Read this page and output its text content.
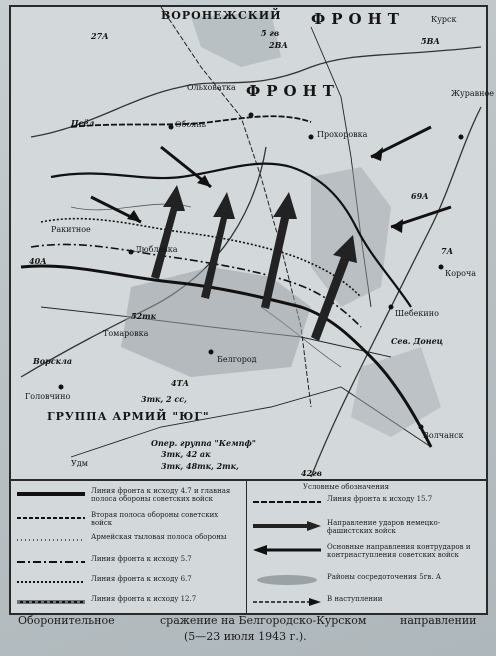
ВОРОНЕЖСКИЙ ФРОНТ
ФРОНТ
ГРУППА АРМИЙ "ЮГ"
4ТА
5 гв
2ВА	5ВА
69А
27А
40А
7А
42гв
3тк, 2 сс,
3тк, 48тк, 2тк,
52тк
Опер. группа "Кемпф"
3тк, 42 ак
Обоянь
Прохоровка
Белгород
Волчанск
Корочa
Шебекино
Томаровка
Ракитное
Люблевка
Курск
Псёл
Ворскла
Сев. Донец
Журавное
Головчино
Удм
Ольховатка
Линия фронта к исходу 4.7 и главная полоса обороны советских войск
Вторая полоса обороны советских войск
Армейская тыловая полоса обороны
Линия фронта к исходу 5.7
Линия фронта к исходу 6.7
Линия фронта к исходу 12.7
Условные обозначения
Линия фронта к исходу 15.7
Направление ударов немецко-фашистских войск
Основные направления контрударов и контрнаступления советских войск
Районы сосредоточения 5гв. А
В наступлении
Оборонительное	сражение на Белгородско-Курском	направлении
(5—23 июля 1943 г.).
